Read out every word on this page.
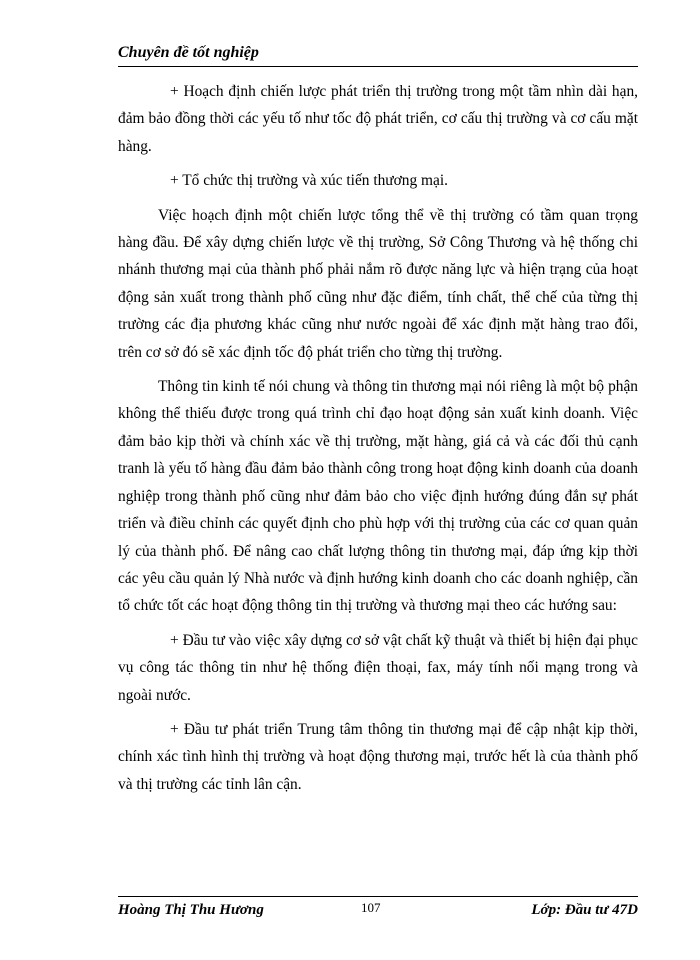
Chuyên đề tốt nghiệp

+ Hoạch định chiến lược phát triển thị trường trong một tầm nhìn dài hạn, đảm bảo đồng thời các yếu tố như tốc độ phát triển, cơ cấu thị trường và cơ cấu mặt hàng.

+ Tổ chức thị trường và xúc tiến thương mại.

Việc hoạch định một chiến lược tổng thể về thị trường có tầm quan trọng hàng đầu. Để xây dựng chiến lược về thị trường, Sở Công Thương và hệ thống chi nhánh thương mại của thành phố phải nắm rõ được năng lực và hiện trạng của hoạt động sản xuất trong thành phố cũng như đặc điểm, tính chất, thể chế của từng thị trường các địa phương khác cũng như nước ngoài để xác định mặt hàng trao đổi, trên cơ sở đó sẽ xác định tốc độ phát triển cho từng thị trường.

Thông tin kinh tế nói chung và thông tin thương mại nói riêng là một bộ phận không thể thiếu được trong quá trình chỉ đạo hoạt động sản xuất kinh doanh. Việc đảm bảo kịp thời và chính xác về thị trường, mặt hàng, giá cả và các đối thủ cạnh tranh là yếu tố hàng đầu đảm bảo thành công trong hoạt động kinh doanh của doanh nghiệp trong thành phố cũng như đảm bảo cho việc định hướng đúng đắn sự phát triển và điều chỉnh các quyết định cho phù hợp với thị trường của các cơ quan quản lý của thành phố. Để nâng cao chất lượng thông tin thương mại, đáp ứng kịp thời các yêu cầu quản lý Nhà nước và định hướng kinh doanh cho các doanh nghiệp, cần tổ chức tốt các hoạt động thông tin thị trường và thương mại theo các hướng sau:

+ Đầu tư vào việc xây dựng cơ sở vật chất kỹ thuật và thiết bị hiện đại phục vụ công tác thông tin như hệ thống điện thoại, fax, máy tính nối mạng trong và ngoài nước.

+ Đầu tư phát triển Trung tâm thông tin thương mại để cập nhật kịp thời, chính xác tình hình thị trường và hoạt động thương mại, trước hết là của thành phố và thị trường các tỉnh lân cận.

Hoàng Thị Thu Hương	107	Lớp: Đầu tư 47D
